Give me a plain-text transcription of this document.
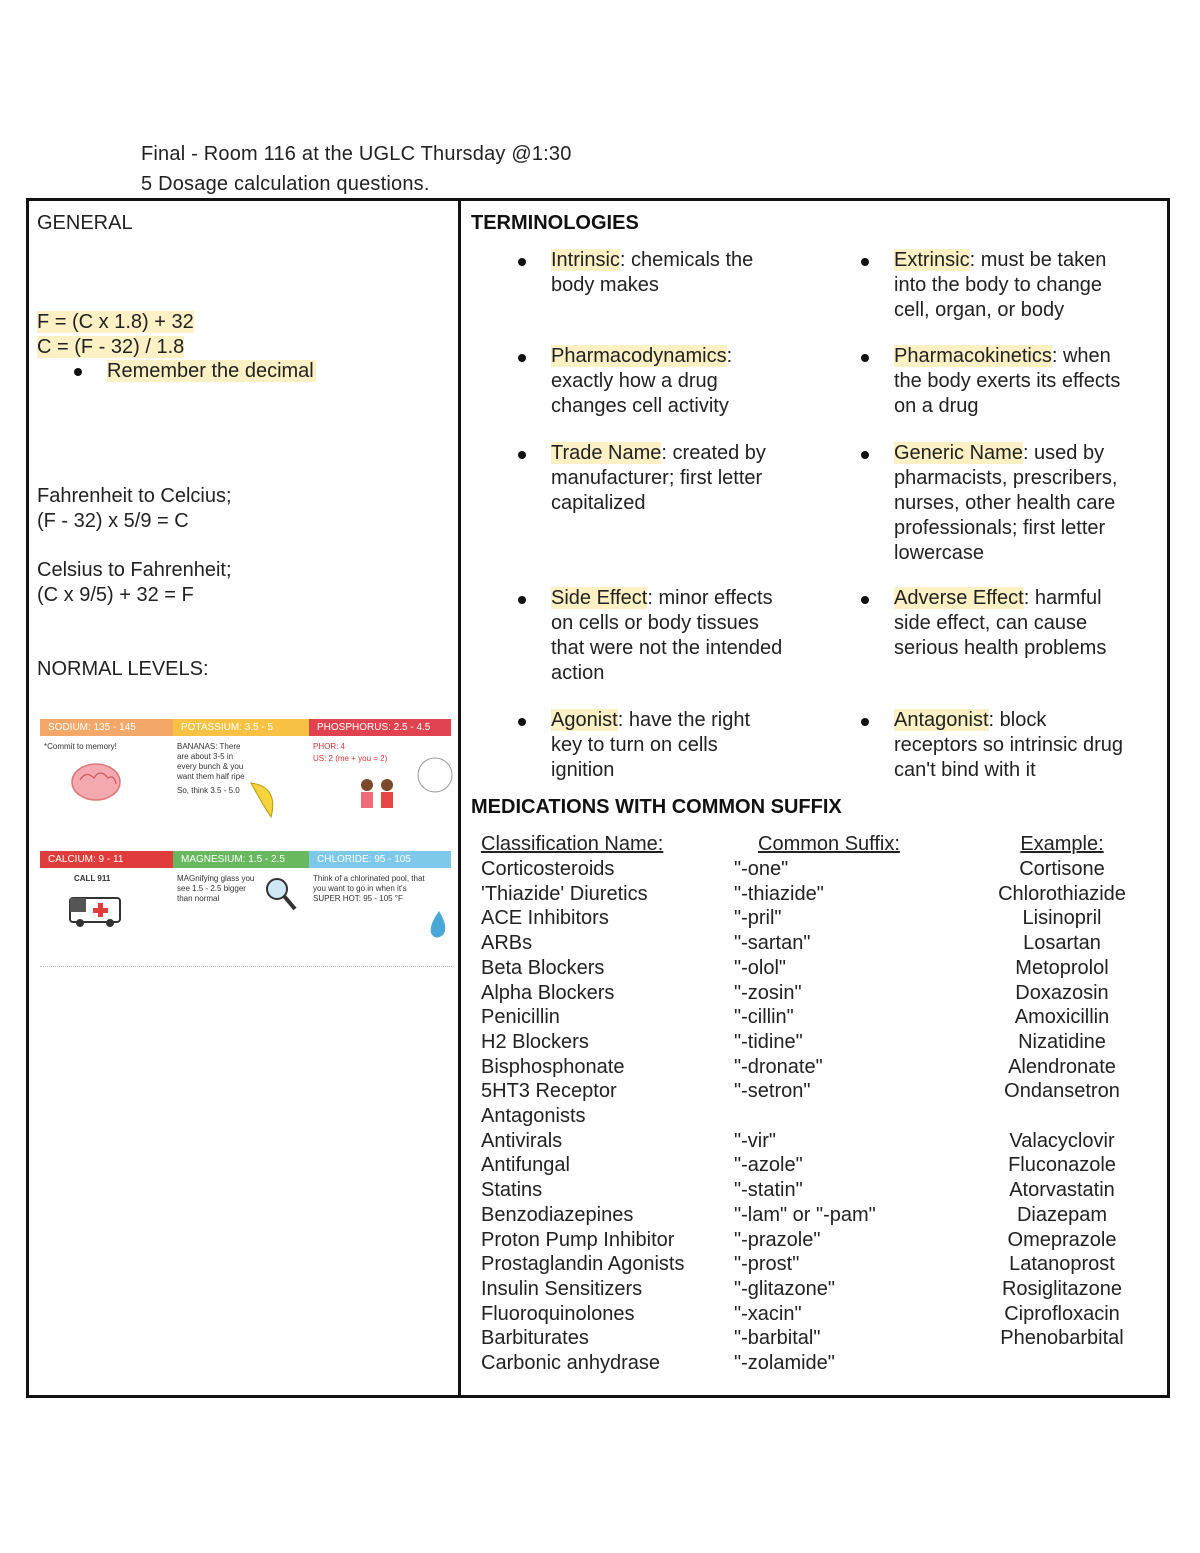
Final - Room 116 at the UGLC Thursday @1:30
5 Dosage calculation questions.
GENERAL
F = (C x 1.8) + 32
C = (F - 32) / 1.8
Remember the decimal
Fahrenheit to Celcius;
(F - 32) x 5/9 = C
Celsius to Fahrenheit;
(C x 9/5) + 32 = F
NORMAL LEVELS:
SODIUM: 135 - 145
*Commit to memory!
POTASSIUM: 3.5 - 5
BANANAS: There are about 3-5 in every bunch & you want them half ripe
So, think 3.5 - 5.0
PHOSPHORUS: 2.5 - 4.5
PHOR: 4
US: 2 (me + you = 2)
CALCIUM: 9 - 11
CALL 911
MAGNESIUM: 1.5 - 2.5
MAGnifying glass you see 1.5 - 2.5 bigger than normal
CHLORIDE: 95 - 105
Think of a chlorinated pool, that you want to go in when it's SUPER HOT: 95 - 105 °F
TERMINOLOGIES
Intrinsic: chemicals the
body makes
Extrinsic: must be taken
into the body to change
cell, organ, or body
Pharmacodynamics:
exactly how a drug
changes cell activity
Pharmacokinetics: when
the body exerts its effects
on a drug
Trade Name: created by
manufacturer; first letter
capitalized
Generic Name: used by
pharmacists, prescribers,
nurses, other health care
professionals; first letter
lowercase
Side Effect: minor effects
on cells or body tissues
that were not the intended
action
Adverse Effect: harmful
side effect, can cause
serious health problems
Agonist: have the right
key to turn on cells
ignition
Antagonist: block
receptors so intrinsic drug
can't bind with it
MEDICATIONS WITH COMMON SUFFIX
Classification Name:	Common Suffix:	Example:
Corticosteroids	"-one"	Cortisone
'Thiazide' Diuretics	"-thiazide"	Chlorothiazide
ACE Inhibitors	"-pril"	Lisinopril
ARBs	"-sartan"	Losartan
Beta Blockers	"-olol"	Metoprolol
Alpha Blockers	"-zosin"	Doxazosin
Penicillin	"-cillin"	Amoxicillin
H2 Blockers	"-tidine"	Nizatidine
Bisphosphonate	"-dronate"	Alendronate
5HT3 Receptor	"-setron"	Ondansetron
Antagonists
Antivirals	"-vir"	Valacyclovir
Antifungal	"-azole"	Fluconazole
Statins	"-statin"	Atorvastatin
Benzodiazepines	"-lam" or "-pam"	Diazepam
Proton Pump Inhibitor	"-prazole"	Omeprazole
Prostaglandin Agonists "-prost"	Latanoprost
Insulin Sensitizers	"-glitazone"	Rosiglitazone
Fluoroquinolones	"-xacin"	Ciprofloxacin
Barbiturates	"-barbital"	Phenobarbital
Carbonic anhydrase	"-zolamide"
